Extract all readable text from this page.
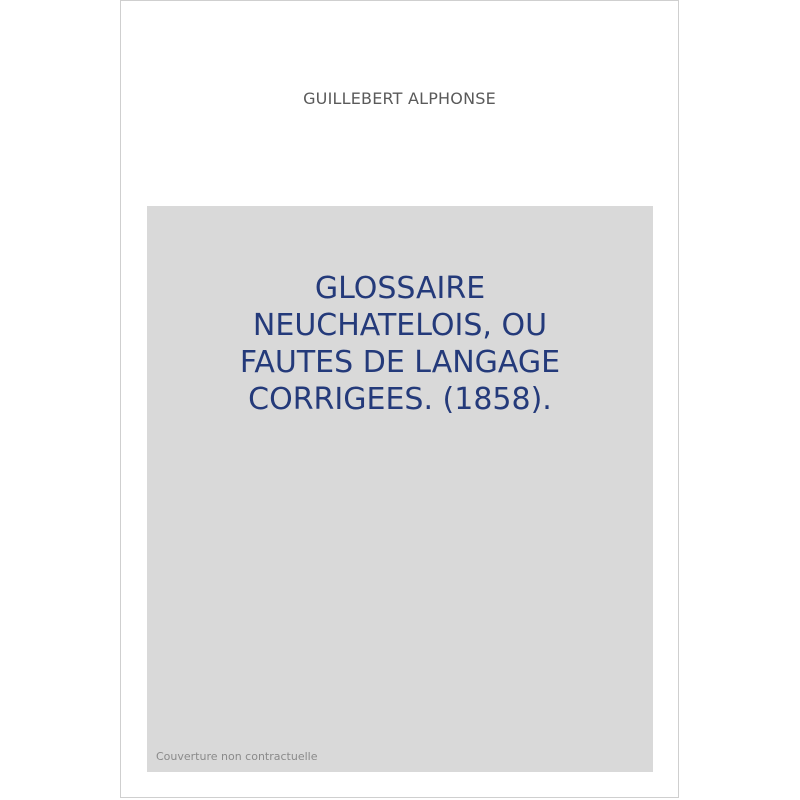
GUILLEBERT ALPHONSE
GLOSSAIRE
NEUCHATELOIS, OU
FAUTES DE LANGAGE
CORRIGEES. (1858).
Couverture non contractuelle
